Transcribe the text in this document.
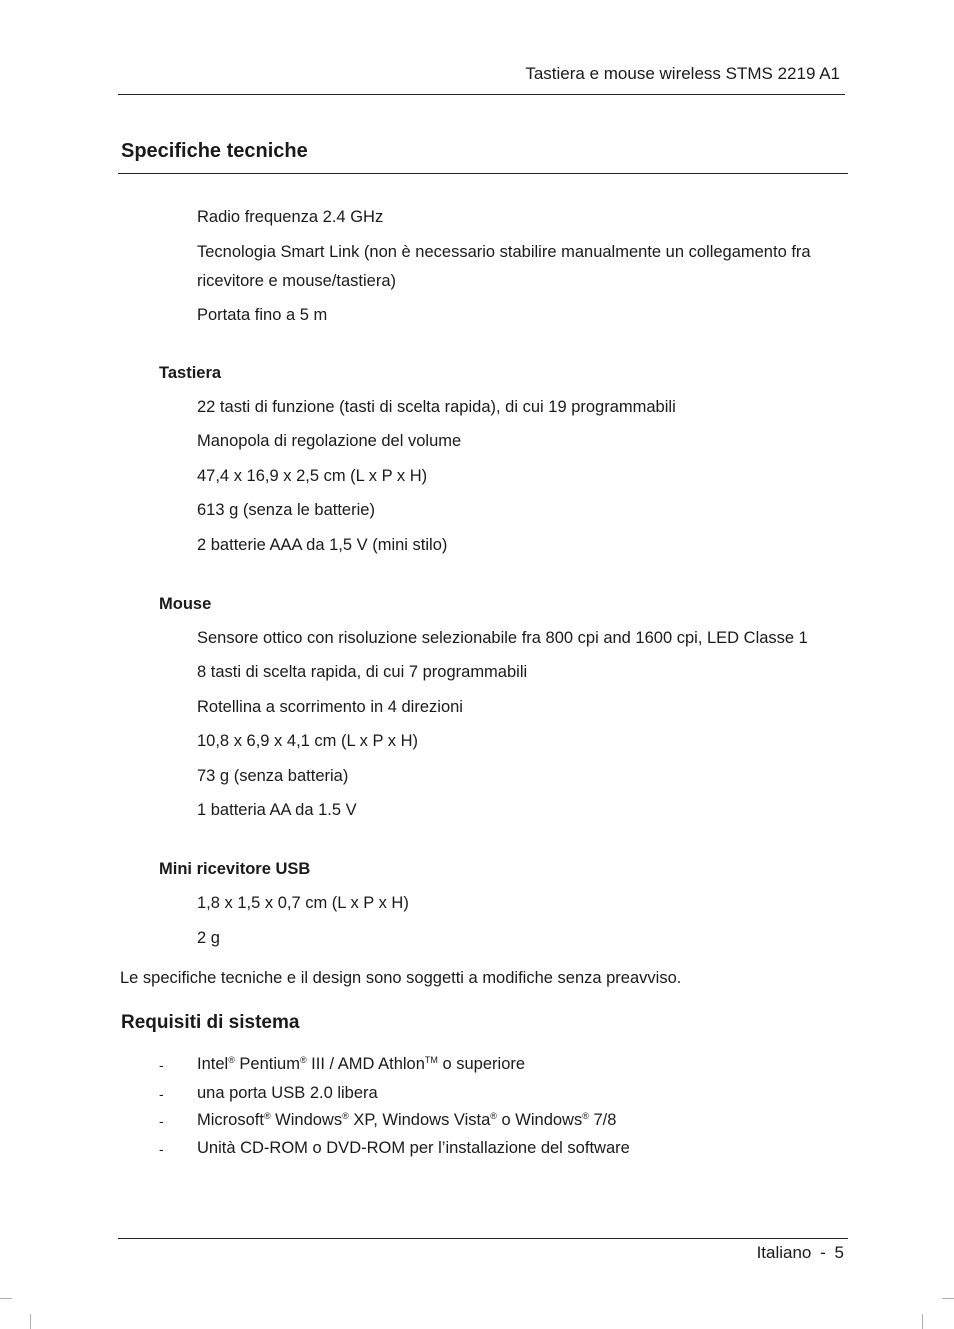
Tastiera e mouse wireless STMS 2219 A1
Specifiche tecniche
Radio frequenza 2.4 GHz
Tecnologia Smart Link (non è necessario stabilire manualmente un collegamento fra ricevitore e mouse/tastiera)
Portata fino a 5 m
Tastiera
22 tasti di funzione (tasti di scelta rapida), di cui 19 programmabili
Manopola di regolazione del volume
47,4 x 16,9 x 2,5 cm (L x P x H)
613 g (senza le batterie)
2 batterie AAA da 1,5 V (mini stilo)
Mouse
Sensore ottico con risoluzione selezionabile fra 800 cpi and 1600 cpi, LED Classe 1
8 tasti di scelta rapida, di cui 7 programmabili
Rotellina a scorrimento in 4 direzioni
10,8 x 6,9 x 4,1 cm (L x P x H)
73 g (senza batteria)
1 batteria AA da 1.5 V
Mini ricevitore USB
1,8 x 1,5 x 0,7 cm (L x P x H)
2 g
Le specifiche tecniche e il design sono soggetti a modifiche senza preavviso.
Requisiti di sistema
- Intel® Pentium® III / AMD Athlon™ o superiore
- una porta USB 2.0 libera
- Microsoft® Windows® XP, Windows Vista® o Windows® 7/8
- Unità CD-ROM o DVD-ROM per l’installazione del software
Italiano - 5
